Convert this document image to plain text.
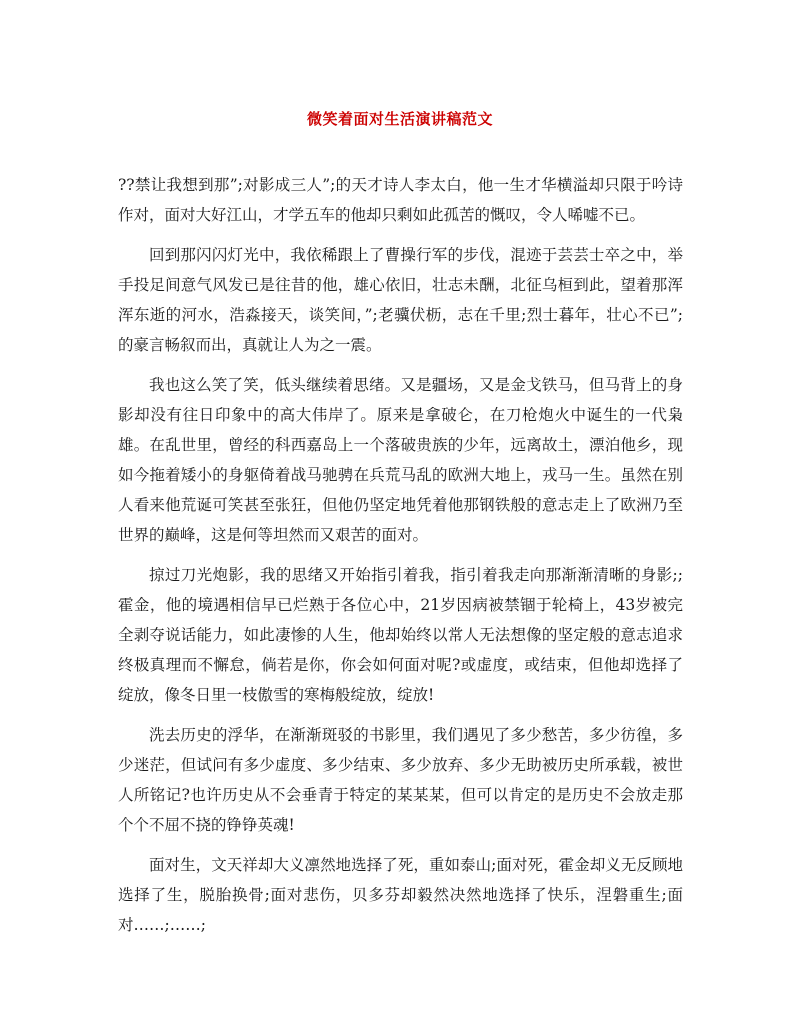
微笑着面对生活演讲稿范文

??禁让我想到那”;对影成三人”;的天才诗人李太白，他一生才华横溢却只限于吟诗作对，面对大好江山，才学五车的他却只剩如此孤苦的慨叹，令人唏嘘不已。

回到那闪闪灯光中，我依稀跟上了曹操行军的步伐，混迹于芸芸士卒之中，举手投足间意气风发已是往昔的他，雄心依旧，壮志未酬，北征乌桓到此，望着那浑浑东逝的河水，浩淼接天，谈笑间，”;老骥伏枥，志在千里;烈士暮年，壮心不已”;的豪言畅叙而出，真就让人为之一震。

我也这么笑了笑，低头继续着思绪。又是疆场，又是金戈铁马，但马背上的身影却没有往日印象中的高大伟岸了。原来是拿破仑，在刀枪炮火中诞生的一代枭雄。在乱世里，曾经的科西嘉岛上一个落破贵族的少年，远离故土，漂泊他乡，现如今拖着矮小的身躯倚着战马驰骋在兵荒马乱的欧洲大地上，戎马一生。虽然在别人看来他荒诞可笑甚至张狂，但他仍坚定地凭着他那钢铁般的意志走上了欧洲乃至世界的巅峰，这是何等坦然而又艰苦的面对。

掠过刀光炮影，我的思绪又开始指引着我，指引着我走向那渐渐清晰的身影;;霍金，他的境遇相信早已烂熟于各位心中，21岁因病被禁锢于轮椅上，43岁被完全剥夺说话能力，如此凄惨的人生，他却始终以常人无法想像的坚定般的意志追求终极真理而不懈怠，倘若是你，你会如何面对呢?或虚度，或结束，但他却选择了绽放，像冬日里一枝傲雪的寒梅般绽放，绽放!

洗去历史的浮华，在渐渐斑驳的书影里，我们遇见了多少愁苦，多少彷徨，多少迷茫，但试问有多少虚度、多少结束、多少放弃、多少无助被历史所承载，被世人所铭记?也许历史从不会垂青于特定的某某某，但可以肯定的是历史不会放走那个个不屈不挠的铮铮英魂!

面对生，文天祥却大义凛然地选择了死，重如泰山;面对死，霍金却义无反顾地选择了生，脱胎换骨;面对悲伤，贝多芬却毅然决然地选择了快乐，涅磐重生;面对……;……;
